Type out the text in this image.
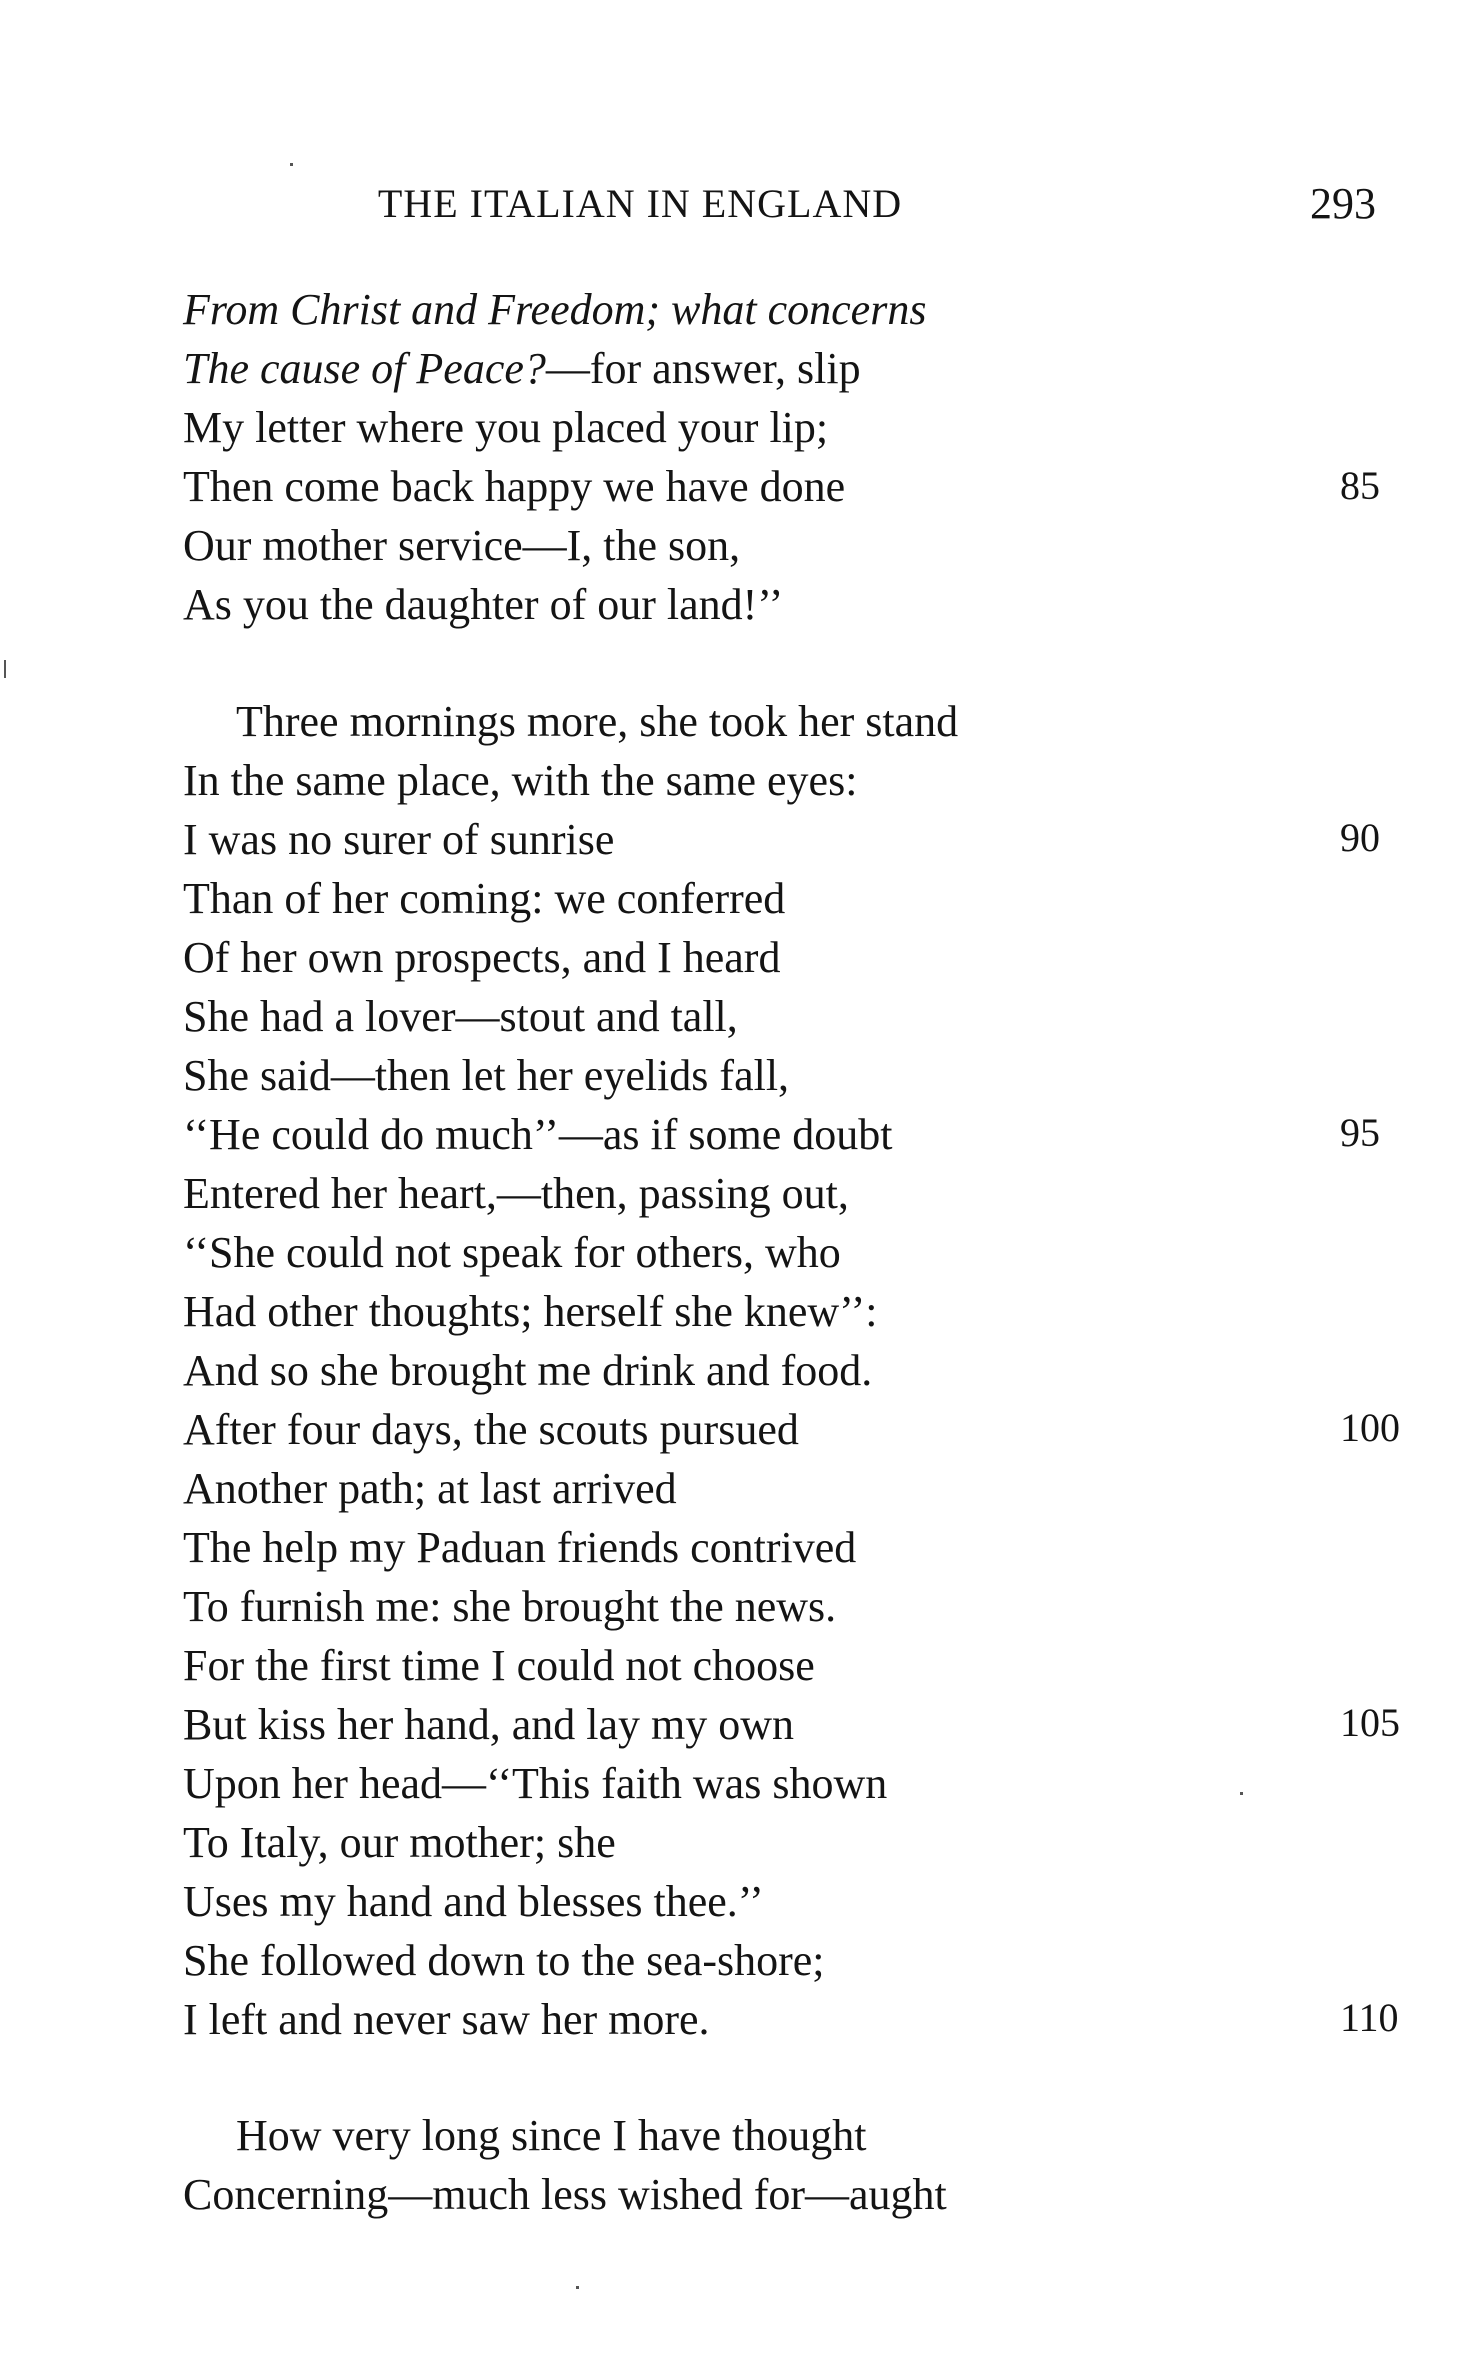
THE ITALIAN IN ENGLAND	293
From Christ and Freedom; what concerns
The cause of Peace?—for answer, slip
My letter where you placed your lip;
Then come back happy we have done
Our mother service—I, the son,
As you the daughter of our land!’’
Three mornings more, she took her stand
In the same place, with the same eyes:
I was no surer of sunrise
Than of her coming: we conferred
Of her own prospects, and I heard
She had a lover—stout and tall,
She said—then let her eyelids fall,
‘‘He could do much’’—as if some doubt
Entered her heart,—then, passing out,
‘‘She could not speak for others, who
Had other thoughts; herself she knew’’:
And so she brought me drink and food.
After four days, the scouts pursued
Another path; at last arrived
The help my Paduan friends contrived
To furnish me: she brought the news.
For the first time I could not choose
But kiss her hand, and lay my own
Upon her head—‘‘This faith was shown
To Italy, our mother; she
Uses my hand and blesses thee.’’
She followed down to the sea-shore;
I left and never saw her more.
How very long since I have thought
Concerning—much less wished for—aught
85
90
95
100
105
110
